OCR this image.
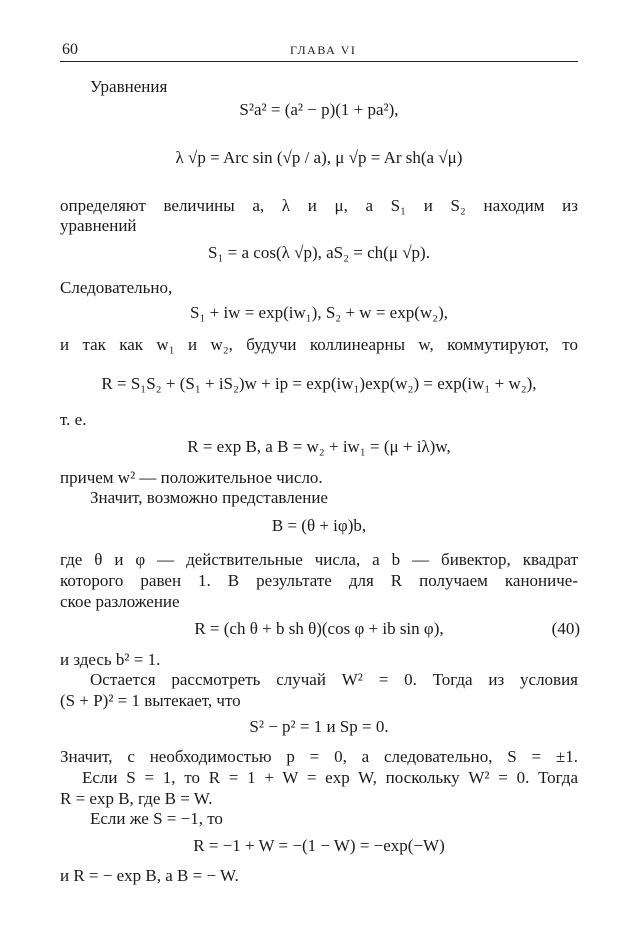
60	ГЛАВА VI
Уравнения
S²a² = (a² − p)(1 + pa²),
λ √p = Arc sin (√p / a), μ √p = Ar sh(a √μ)
определяют величины a, λ и μ, а S₁ и S₂ находим из
уравнений
S₁ = a cos(λ √p), aS₂ = ch(μ √p).
Следовательно,
S₁ + iw = exp(iw₁), S₂ + w = exp(w₂),
и так как w₁ и w₂, будучи коллинеарны w, коммутируют, то
R = S₁S₂ + (S₁ + iS₂)w + ip = exp(iw₁)exp(w₂) = exp(iw₁ + w₂),
т. е.
R = exp B, а B = w₂ + iw₁ = (μ + iλ)w,
причем w² — положительное число.
Значит, возможно представление
B = (θ + iφ)b,
где θ и φ — действительные числа, а b — бивектор, квадрат
которого равен 1. В результате для R получаем канониче-
ское разложение
R = (ch θ + b sh θ)(cos φ + ib sin φ),	(40)
и здесь b² = 1.
Остается рассмотреть случай W² = 0. Тогда из условия
(S + P)² = 1 вытекает, что
S² − p² = 1 и Sp = 0.
Значит, с необходимостью p = 0, а следовательно, S = ±1.
Если S = 1, то R = 1 + W = exp W, поскольку W² = 0. Тогда
R = exp B, где B = W.
Если же S = −1, то
R = −1 + W = −(1 − W) = −exp(−W)
и R = − exp B, а B = − W.
